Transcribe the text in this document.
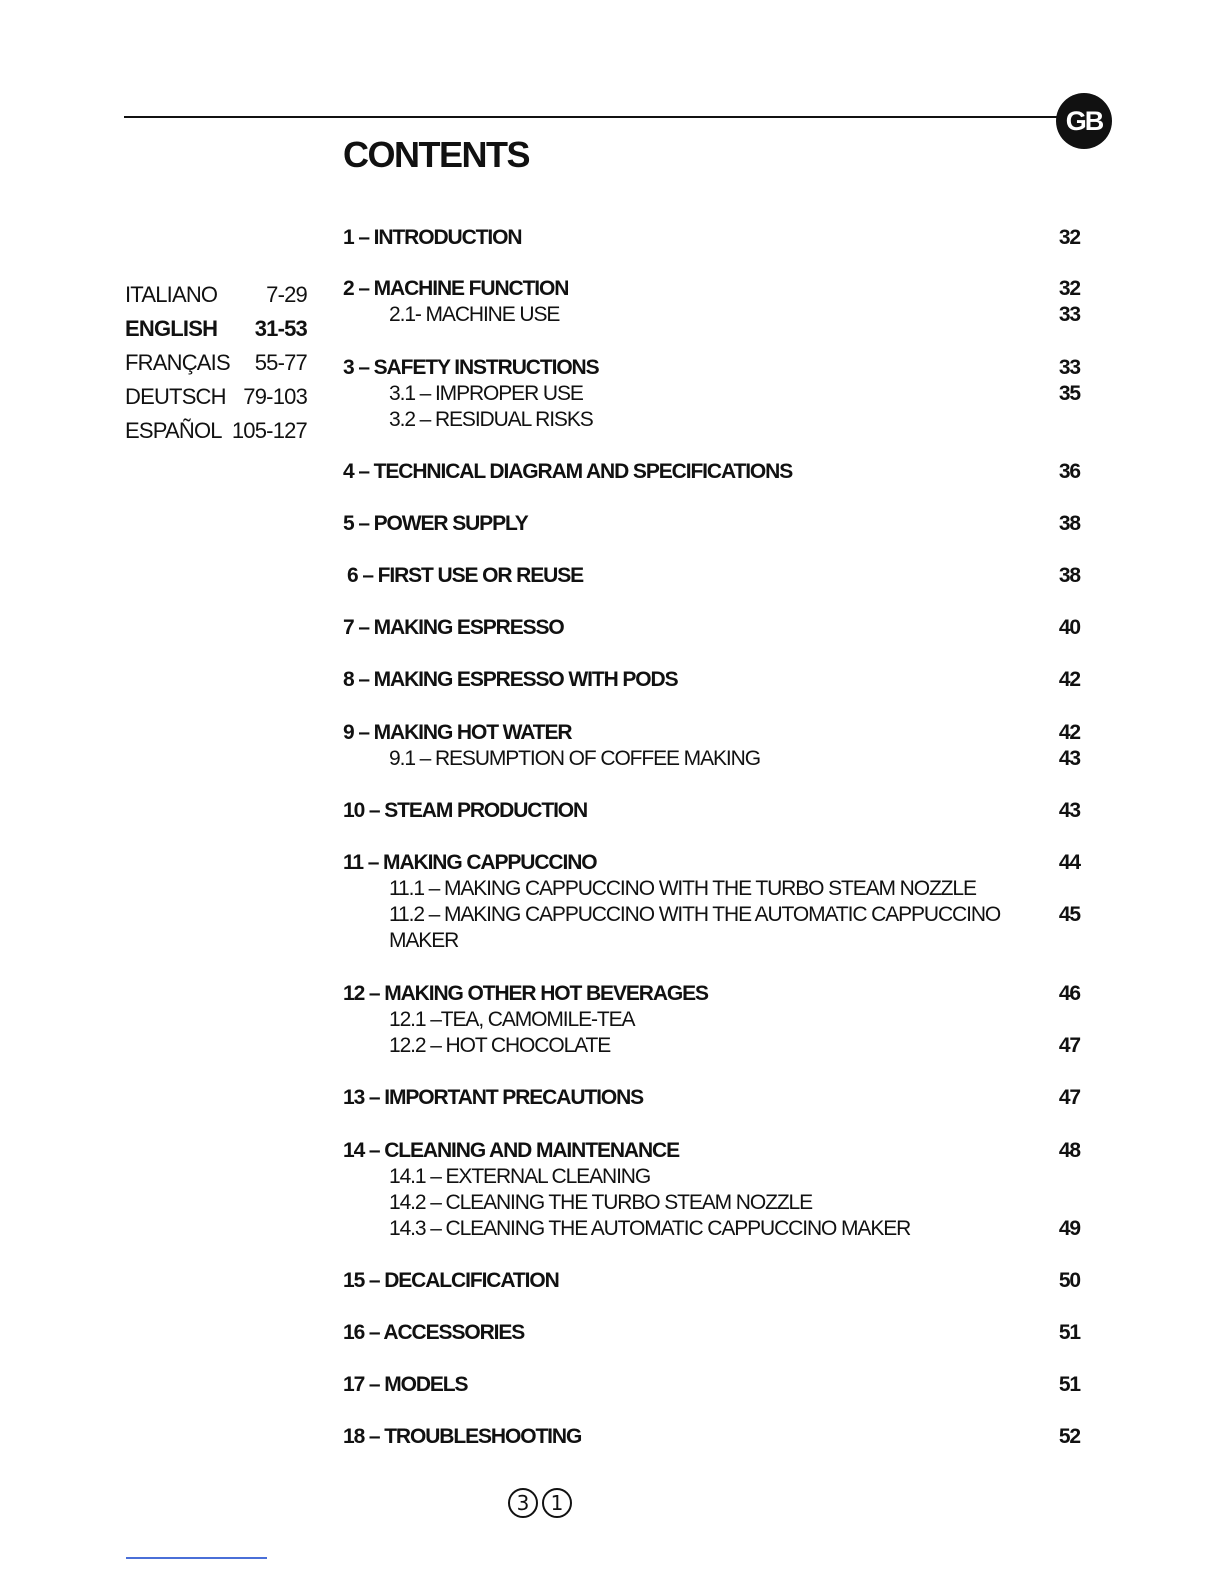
GB
CONTENTS
ITALIANO 7-29
ENGLISH 31-53
FRANÇAIS 55-77
DEUTSCH 79-103
ESPAÑOL 105-127
1 – INTRODUCTION	32
2 – MACHINE FUNCTION	32
2.1- MACHINE USE	33
3 – SAFETY INSTRUCTIONS	33
3.1 – IMPROPER USE	35
3.2 – RESIDUAL RISKS
4 – TECHNICAL DIAGRAM AND SPECIFICATIONS	36
5 – POWER SUPPLY	38
6 – FIRST USE OR REUSE	38
7 – MAKING ESPRESSO	40
8 – MAKING ESPRESSO WITH PODS	42
9 – MAKING HOT WATER	42
9.1 – RESUMPTION OF COFFEE MAKING	43
10 – STEAM PRODUCTION	43
11 – MAKING CAPPUCCINO	44
11.1 – MAKING CAPPUCCINO WITH THE TURBO STEAM NOZZLE
11.2 – MAKING CAPPUCCINO WITH THE AUTOMATIC CAPPUCCINO	45
MAKER
12 – MAKING OTHER HOT BEVERAGES	46
12.1 –TEA, CAMOMILE-TEA
12.2 – HOT CHOCOLATE	47
13 – IMPORTANT PRECAUTIONS	47
14 – CLEANING AND MAINTENANCE	48
14.1 – EXTERNAL CLEANING
14.2 – CLEANING THE TURBO STEAM NOZZLE
14.3 – CLEANING THE AUTOMATIC CAPPUCCINO MAKER	49
15 – DECALCIFICATION	50
16 – ACCESSORIES	51
17 – MODELS	51
18 – TROUBLESHOOTING	52
3	1
